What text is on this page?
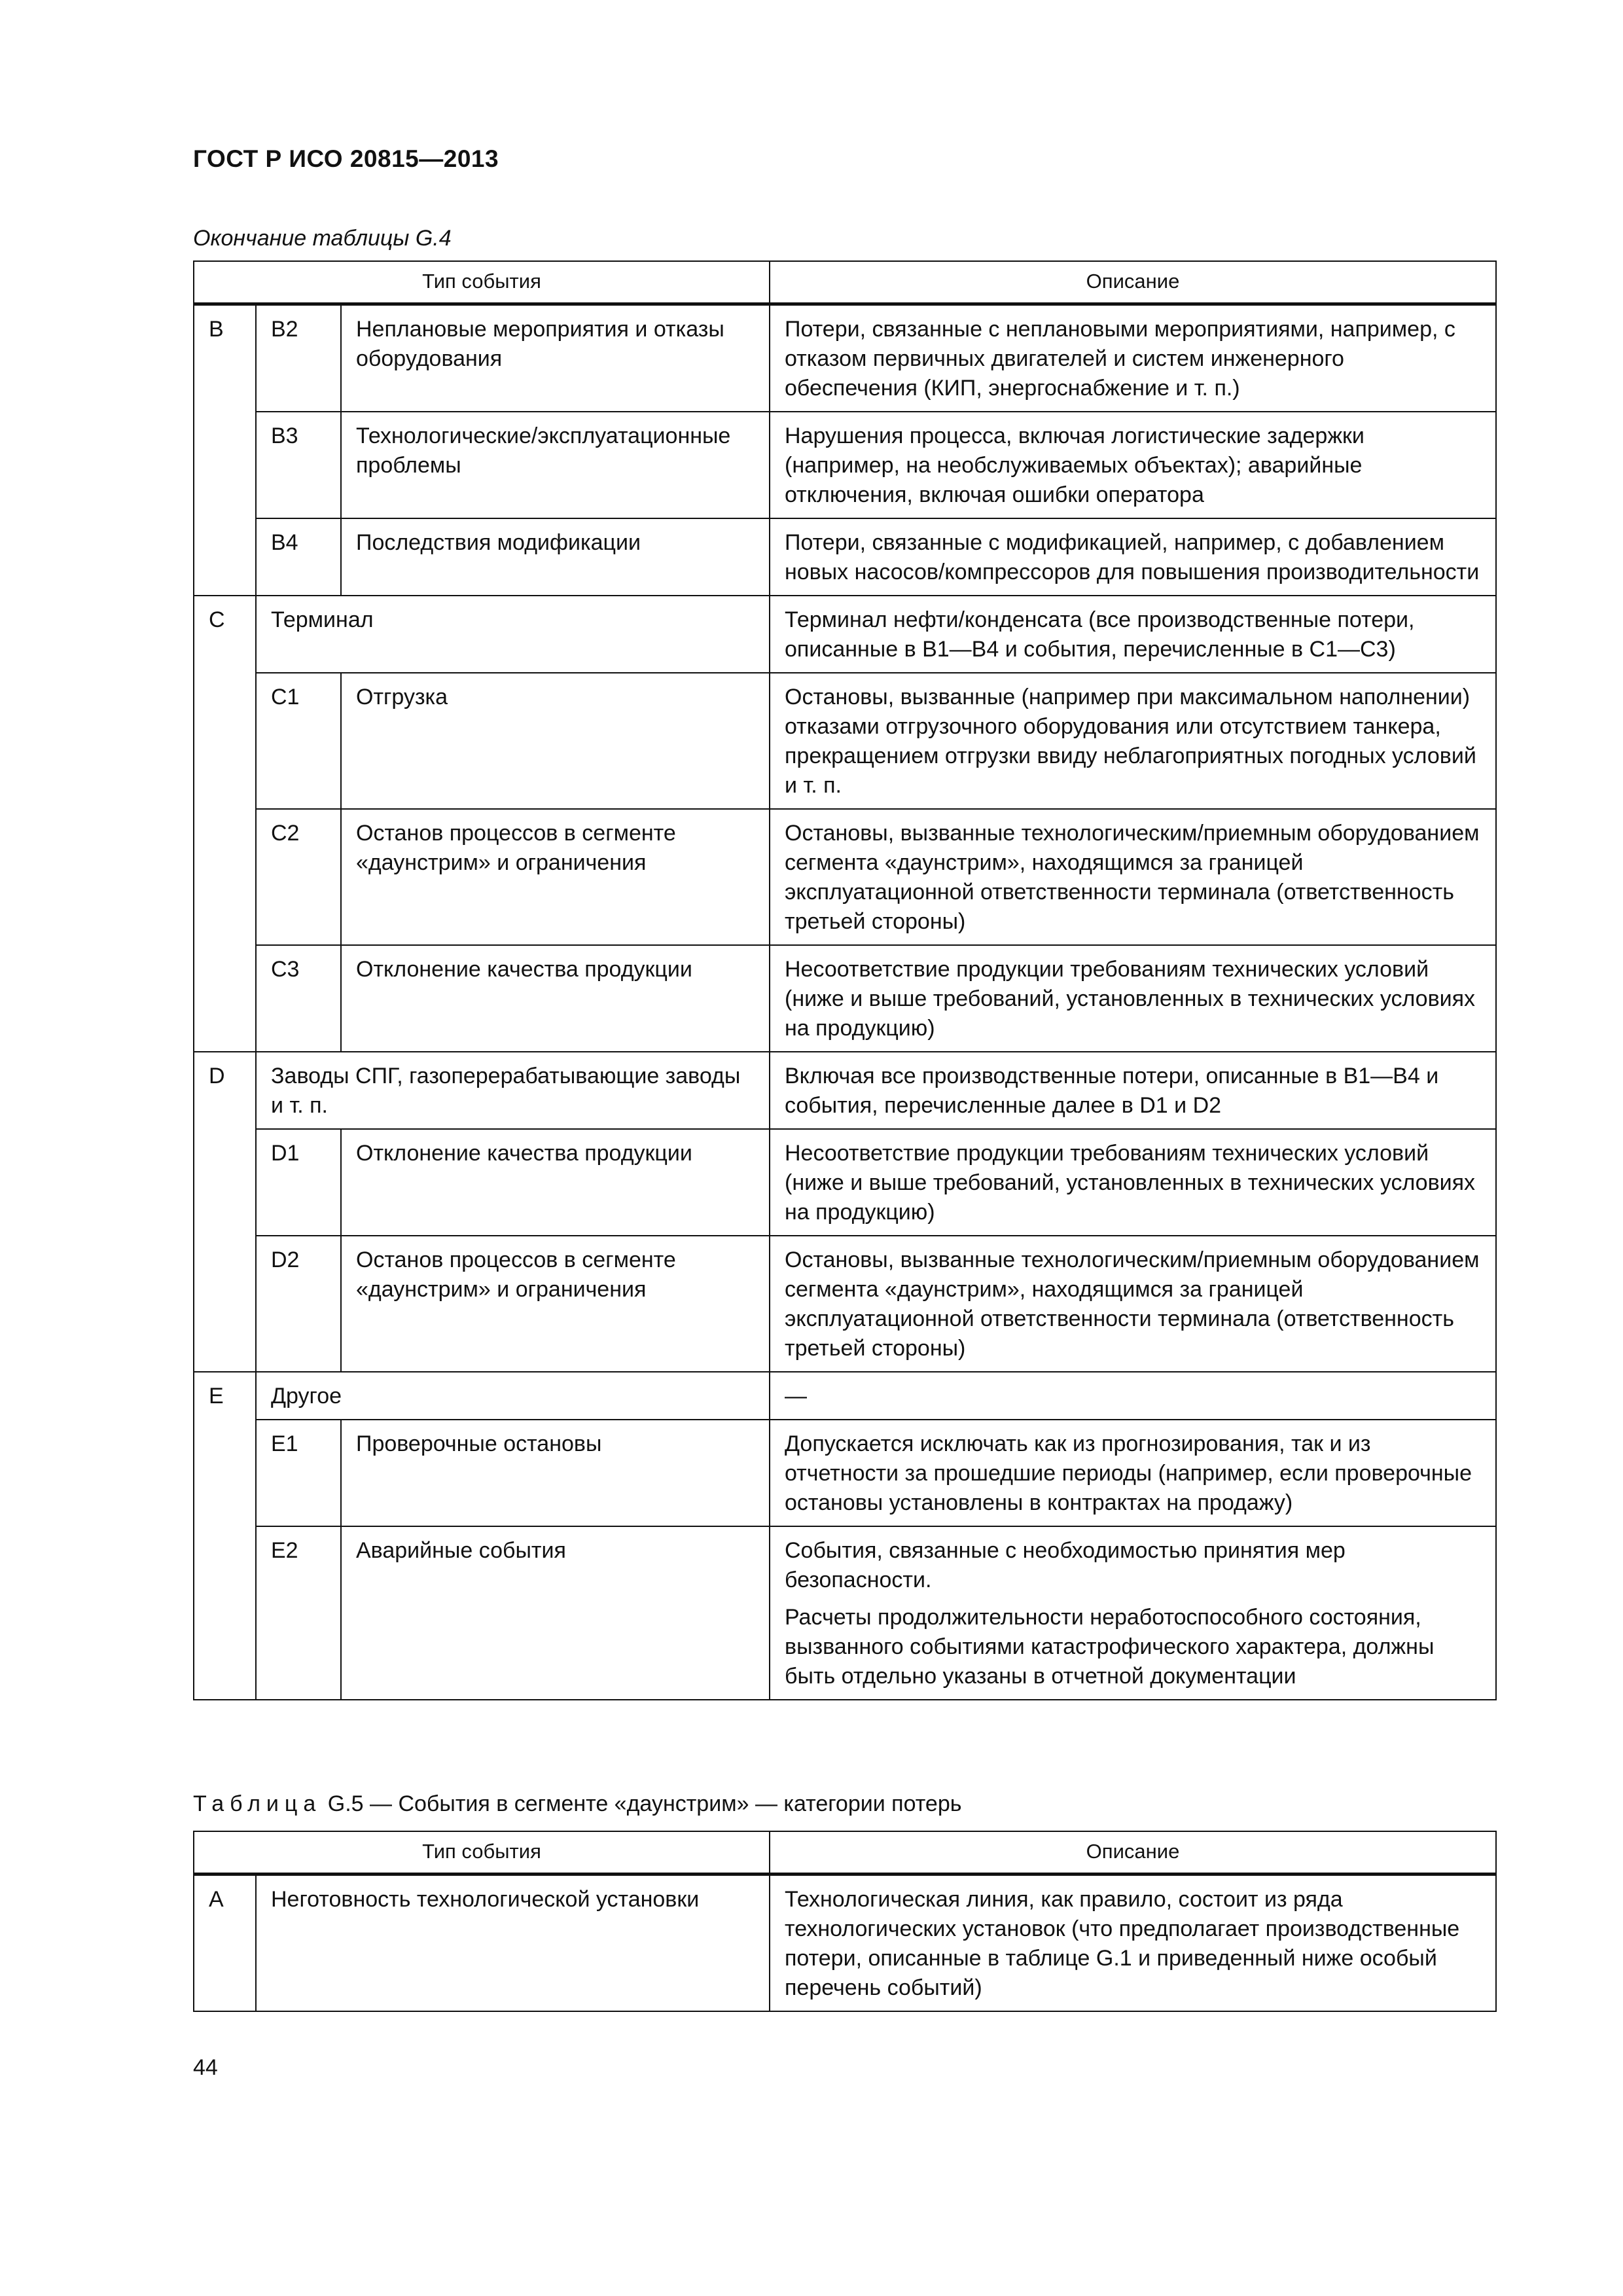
ГОСТ Р ИСО 20815—2013
Окончание таблицы G.4
Тип события			Описание
B	B2	Неплановые мероприятия и отказы оборудования	Потери, связанные с неплановыми мероприятиями, например, с отказом первичных двигателей и систем инженерного обеспечения (КИП, энергоснабжение и т. п.)
	B3	Технологические/эксплуатационные проблемы	Нарушения процесса, включая логистические задержки (например, на необслуживаемых объектах); аварийные отключения, включая ошибки оператора
	B4	Последствия модификации	Потери, связанные с модификацией, например, с добавлением новых насосов/компрессоров для повышения производительности
C	Терминал		Терминал нефти/конденсата (все производственные потери, описанные в B1—B4 и события, перечисленные в C1—C3)
	C1	Отгрузка	Остановы, вызванные (например при максимальном наполнении) отказами отгрузочного оборудования или отсутствием танкера, прекращением отгрузки ввиду неблагоприятных погодных условий и т. п.
	C2	Останов процессов в сегменте «даунстрим» и ограничения	Остановы, вызванные технологическим/приемным оборудованием сегмента «даунстрим», находящимся за границей эксплуатационной ответственности терминала (ответственность третьей стороны)
	C3	Отклонение качества продукции	Несоответствие продукции требованиям технических условий (ниже и выше требований, установленных в технических условиях на продукцию)
D	Заводы СПГ, газоперерабатывающие заводы и т. п.		Включая все производственные потери, описанные в B1—B4 и события, перечисленные далее в D1 и D2
	D1	Отклонение качества продукции	Несоответствие продукции требованиям технических условий (ниже и выше требований, установленных в технических условиях на продукцию)
	D2	Останов процессов в сегменте «даунстрим» и ограничения	Остановы, вызванные технологическим/приемным оборудованием сегмента «даунстрим», находящимся за границей эксплуатационной ответственности терминала (ответственность третьей стороны)
E	Другое		—
	E1	Проверочные остановы	Допускается исключать как из прогнозирования, так и из отчетности за прошедшие периоды (например, если проверочные остановы установлены в контрактах на продажу)
	E2	Аварийные события	События, связанные с необходимостью принятия мер безопасности.
Расчеты продолжительности неработоспособного состояния, вызванного событиями катастрофического характера, должны быть отдельно указаны в отчетной документации
Таблица G.5 — События в сегменте «даунстрим» — категории потерь
Тип события		Описание
A	Неготовность технологической установки	Технологическая линия, как правило, состоит из ряда технологических установок (что предполагает производственные потери, описанные в таблице G.1 и приведенный ниже особый перечень событий)
44
